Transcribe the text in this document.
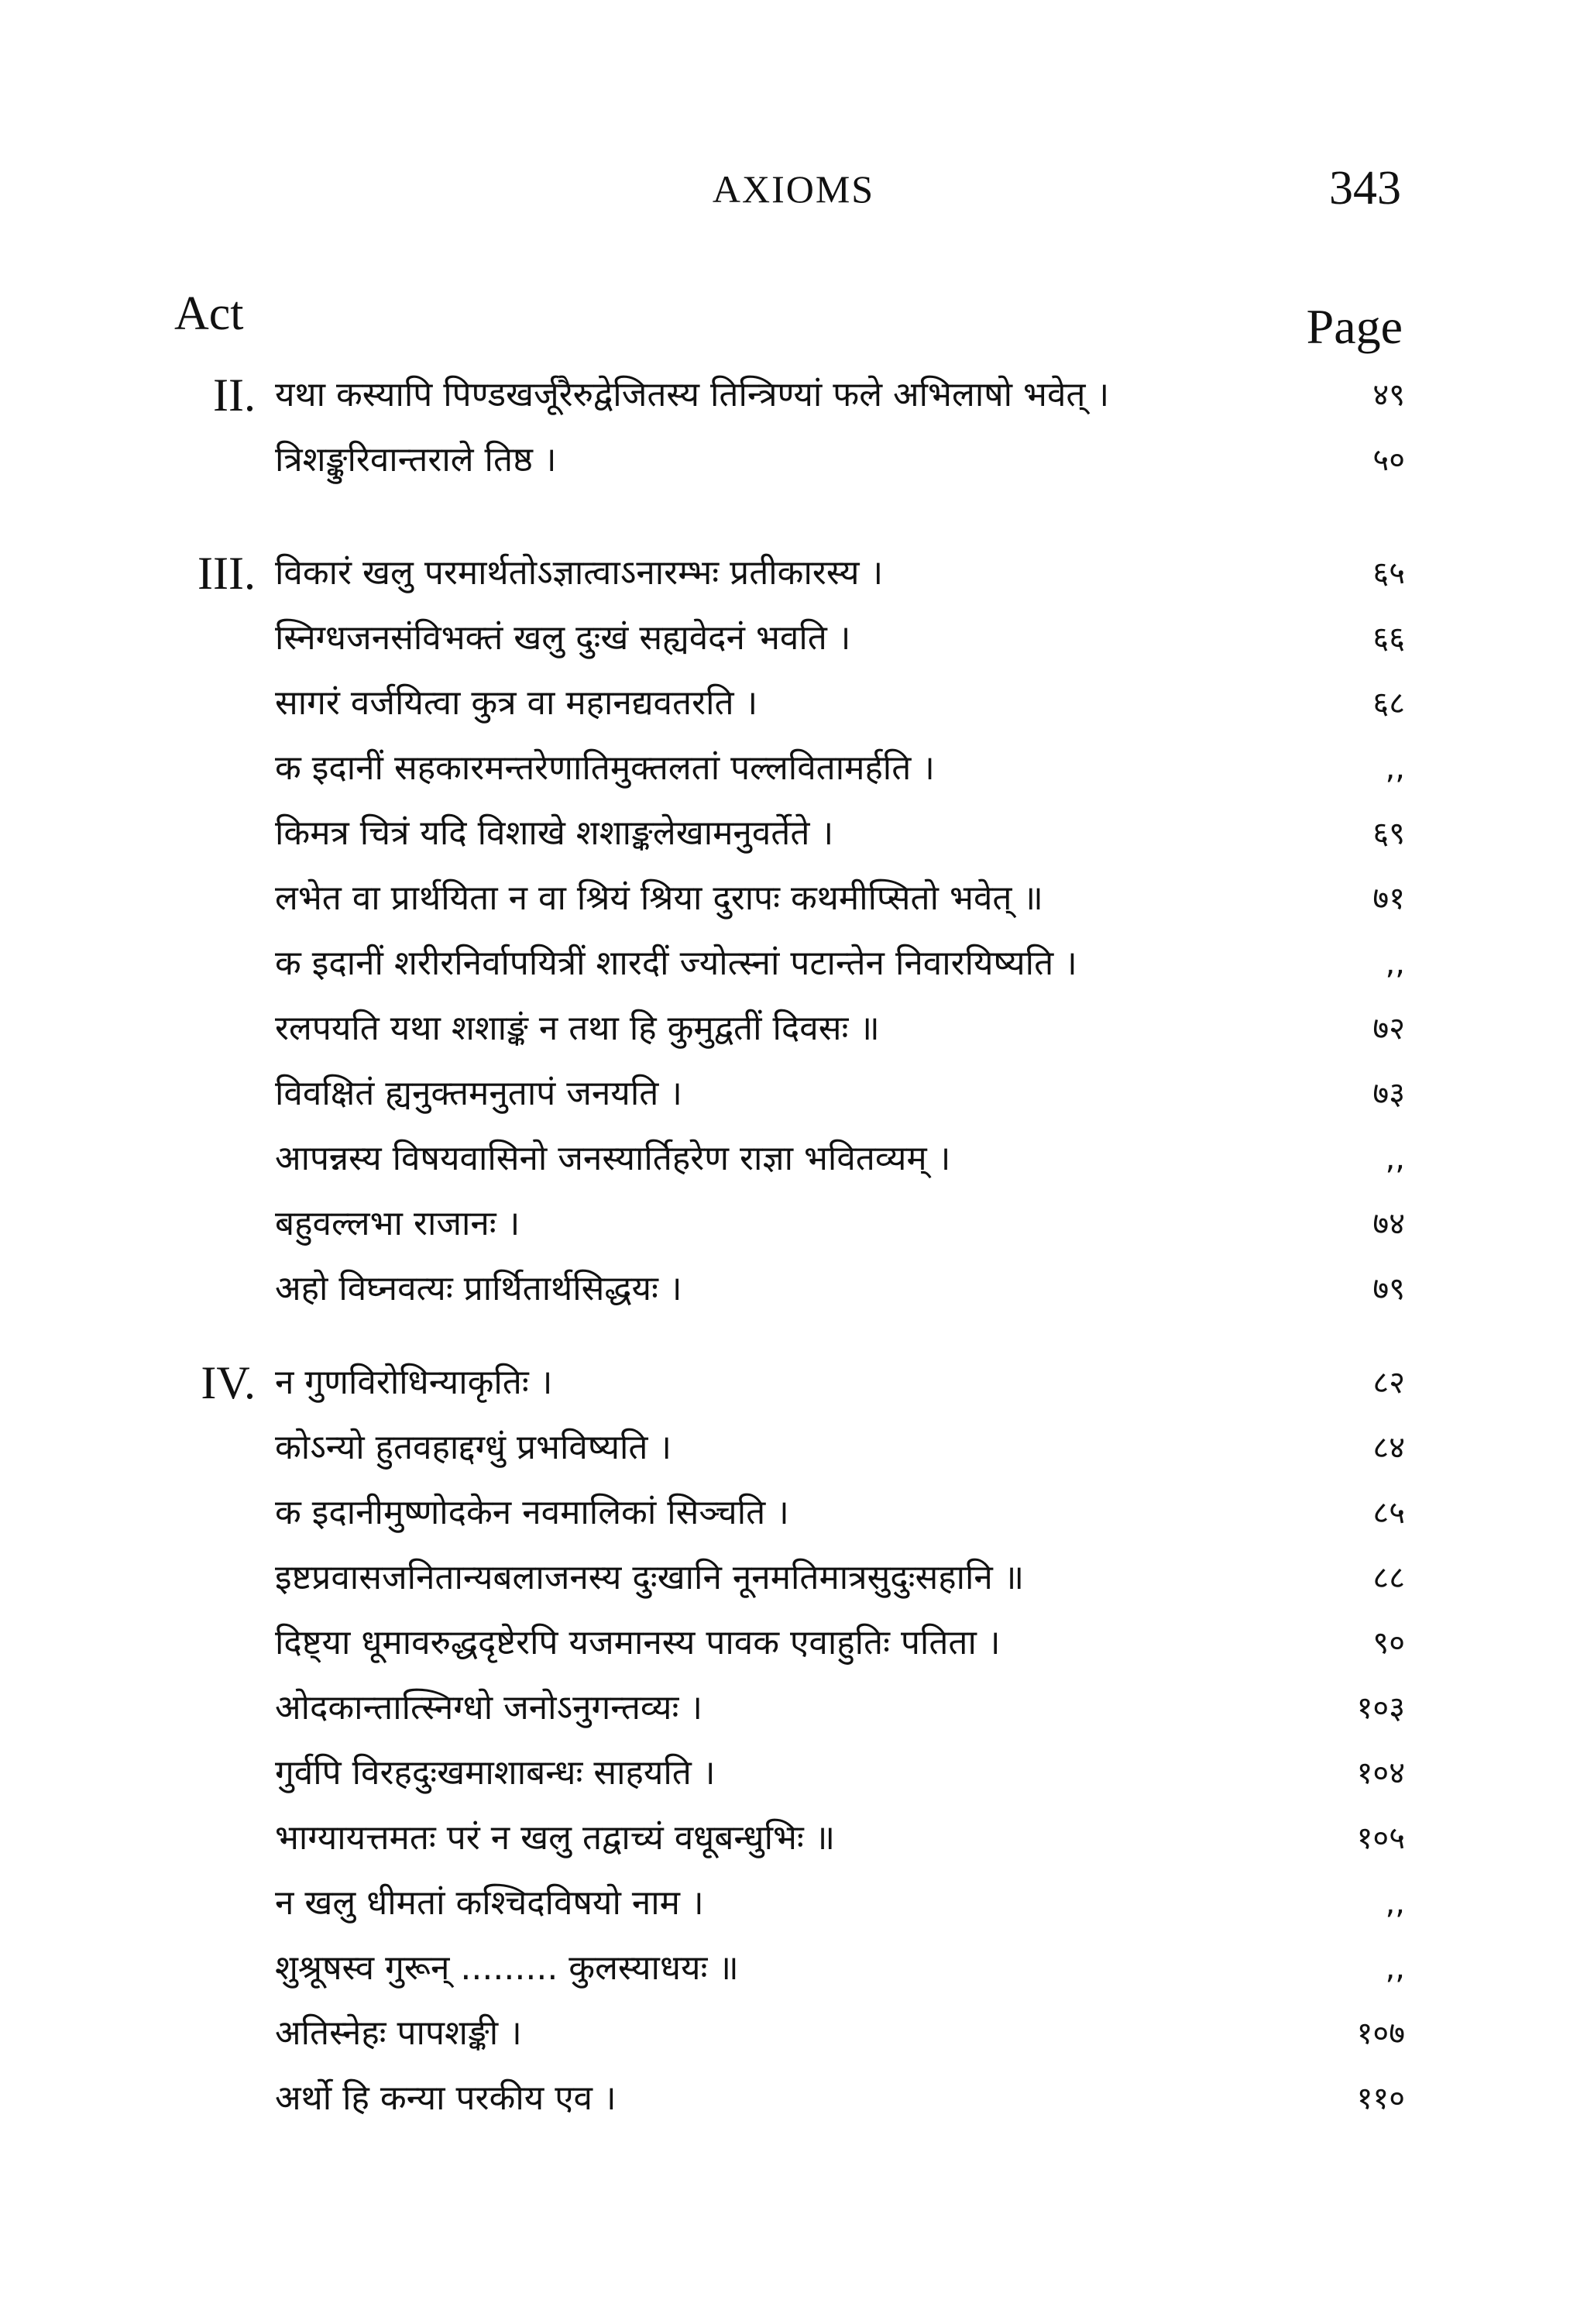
AXIOMS	343
Act	Page
II. यथा कस्यापि पिण्डखर्जूरैरुद्वेजितस्य तिन्त्रिण्यां फले अभिलाषो भवेत् ।	४९
त्रिशङ्कुरिवान्तराले तिष्ठ ।	५०
III. विकारं खलु परमार्थतोऽज्ञात्वाऽनारम्भः प्रतीकारस्य ।	६५
स्निग्धजनसंविभक्तं खलु दुःखं सह्यवेदनं भवति ।	६६
सागरं वर्जयित्वा कुत्र वा महानद्यवतरति ।	६८
क इदानीं सहकारमन्तरेणातिमुक्तलतां पल्लवितामर्हति ।	,,
किमत्र चित्रं यदि विशाखे शशाङ्कलेखामनुवर्तेते ।	६९
लभेत वा प्रार्थयिता न वा श्रियं श्रिया दुरापः कथमीप्सितो भवेत् ॥	७१
क इदानीं शरीरनिर्वापयित्रीं शारदीं ज्योत्स्नां पटान्तेन निवारयिष्यति ।	,,
रलपयति यथा शशाङ्कं न तथा हि कुमुद्वतीं दिवसः ॥	७२
विवक्षितं ह्यनुक्तमनुतापं जनयति ।	७३
आपन्नस्य विषयवासिनो जनस्यार्तिहरेण राज्ञा भवितव्यम् ।	,,
बहुवल्लभा राजानः ।	७४
अहो विघ्नवत्यः प्रार्थितार्थसिद्धयः ।	७९
IV. न गुणविरोधिन्याकृतिः ।	८२
कोऽन्यो हुतवहाद्दग्धुं प्रभविष्यति ।	८४
क इदानीमुष्णोदकेन नवमालिकां सिञ्चति ।	८५
इष्टप्रवासजनितान्यबलाजनस्य दुःखानि नूनमतिमात्रसुदुःसहानि ॥	८८
दिष्ट्या धूमावरुद्धदृष्टेरपि यजमानस्य पावक एवाहुतिः पतिता ।	९०
ओदकान्तात्स्निग्धो जनोऽनुगन्तव्यः ।	१०३
गुर्वपि विरहदुःखमाशाबन्धः साहयति ।	१०४
भाग्यायत्तमतः परं न खलु तद्वाच्यं वधूबन्धुभिः ॥	१०५
न खलु धीमतां कश्चिदविषयो नाम ।	,,
शुश्रूषस्व गुरून् ......... कुलस्याधयः ॥	,,
अतिस्नेहः पापशङ्की ।	१०७
अर्थो हि कन्या परकीय एव ।	११०
